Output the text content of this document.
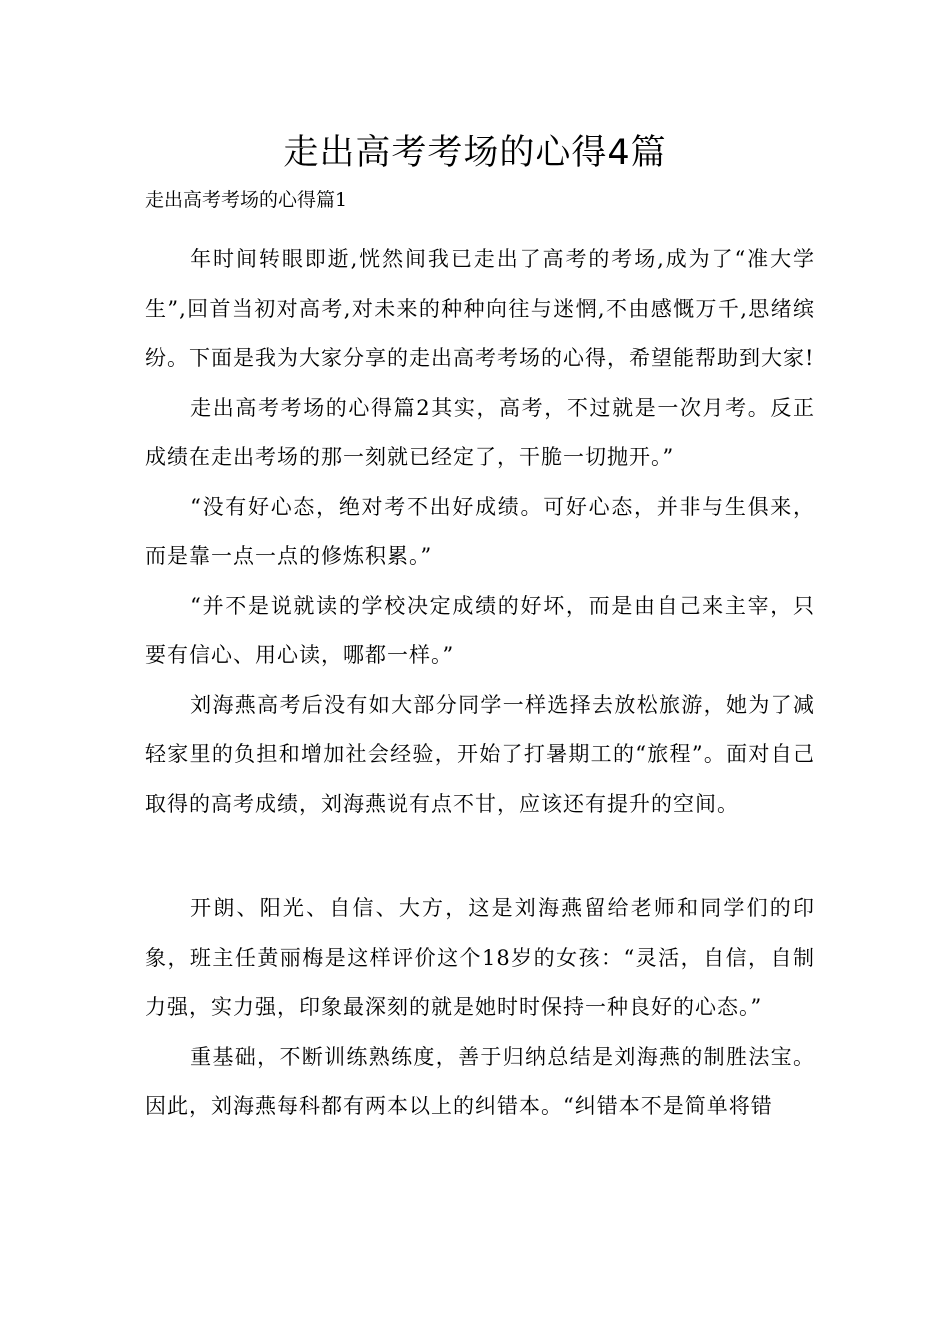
走出高考考场的心得4篇

走出高考考场的心得篇1

年时间转眼即逝,恍然间我已走出了高考的考场,成为了“准大学生”,回首当初对高考,对未来的种种向往与迷惘,不由感慨万千,思绪缤纷。下面是我为大家分享的走出高考考场的心得，希望能帮助到大家!

走出高考考场的心得篇2其实，高考，不过就是一次月考。反正成绩在走出考场的那一刻就已经定了，干脆一切抛开。”

“没有好心态，绝对考不出好成绩。可好心态，并非与生俱来，而是靠一点一点的修炼积累。”

“并不是说就读的学校决定成绩的好坏，而是由自己来主宰，只要有信心、用心读，哪都一样。”

刘海燕高考后没有如大部分同学一样选择去放松旅游，她为了减轻家里的负担和增加社会经验，开始了打暑期工的“旅程”。面对自己取得的高考成绩，刘海燕说有点不甘，应该还有提升的空间。

开朗、阳光、自信、大方，这是刘海燕留给老师和同学们的印象，班主任黄丽梅是这样评价这个18岁的女孩：“灵活，自信，自制力强，实力强，印象最深刻的就是她时时保持一种良好的心态。”

重基础，不断训练熟练度，善于归纳总结是刘海燕的制胜法宝。因此，刘海燕每科都有两本以上的纠错本。“纠错本不是简单将错
